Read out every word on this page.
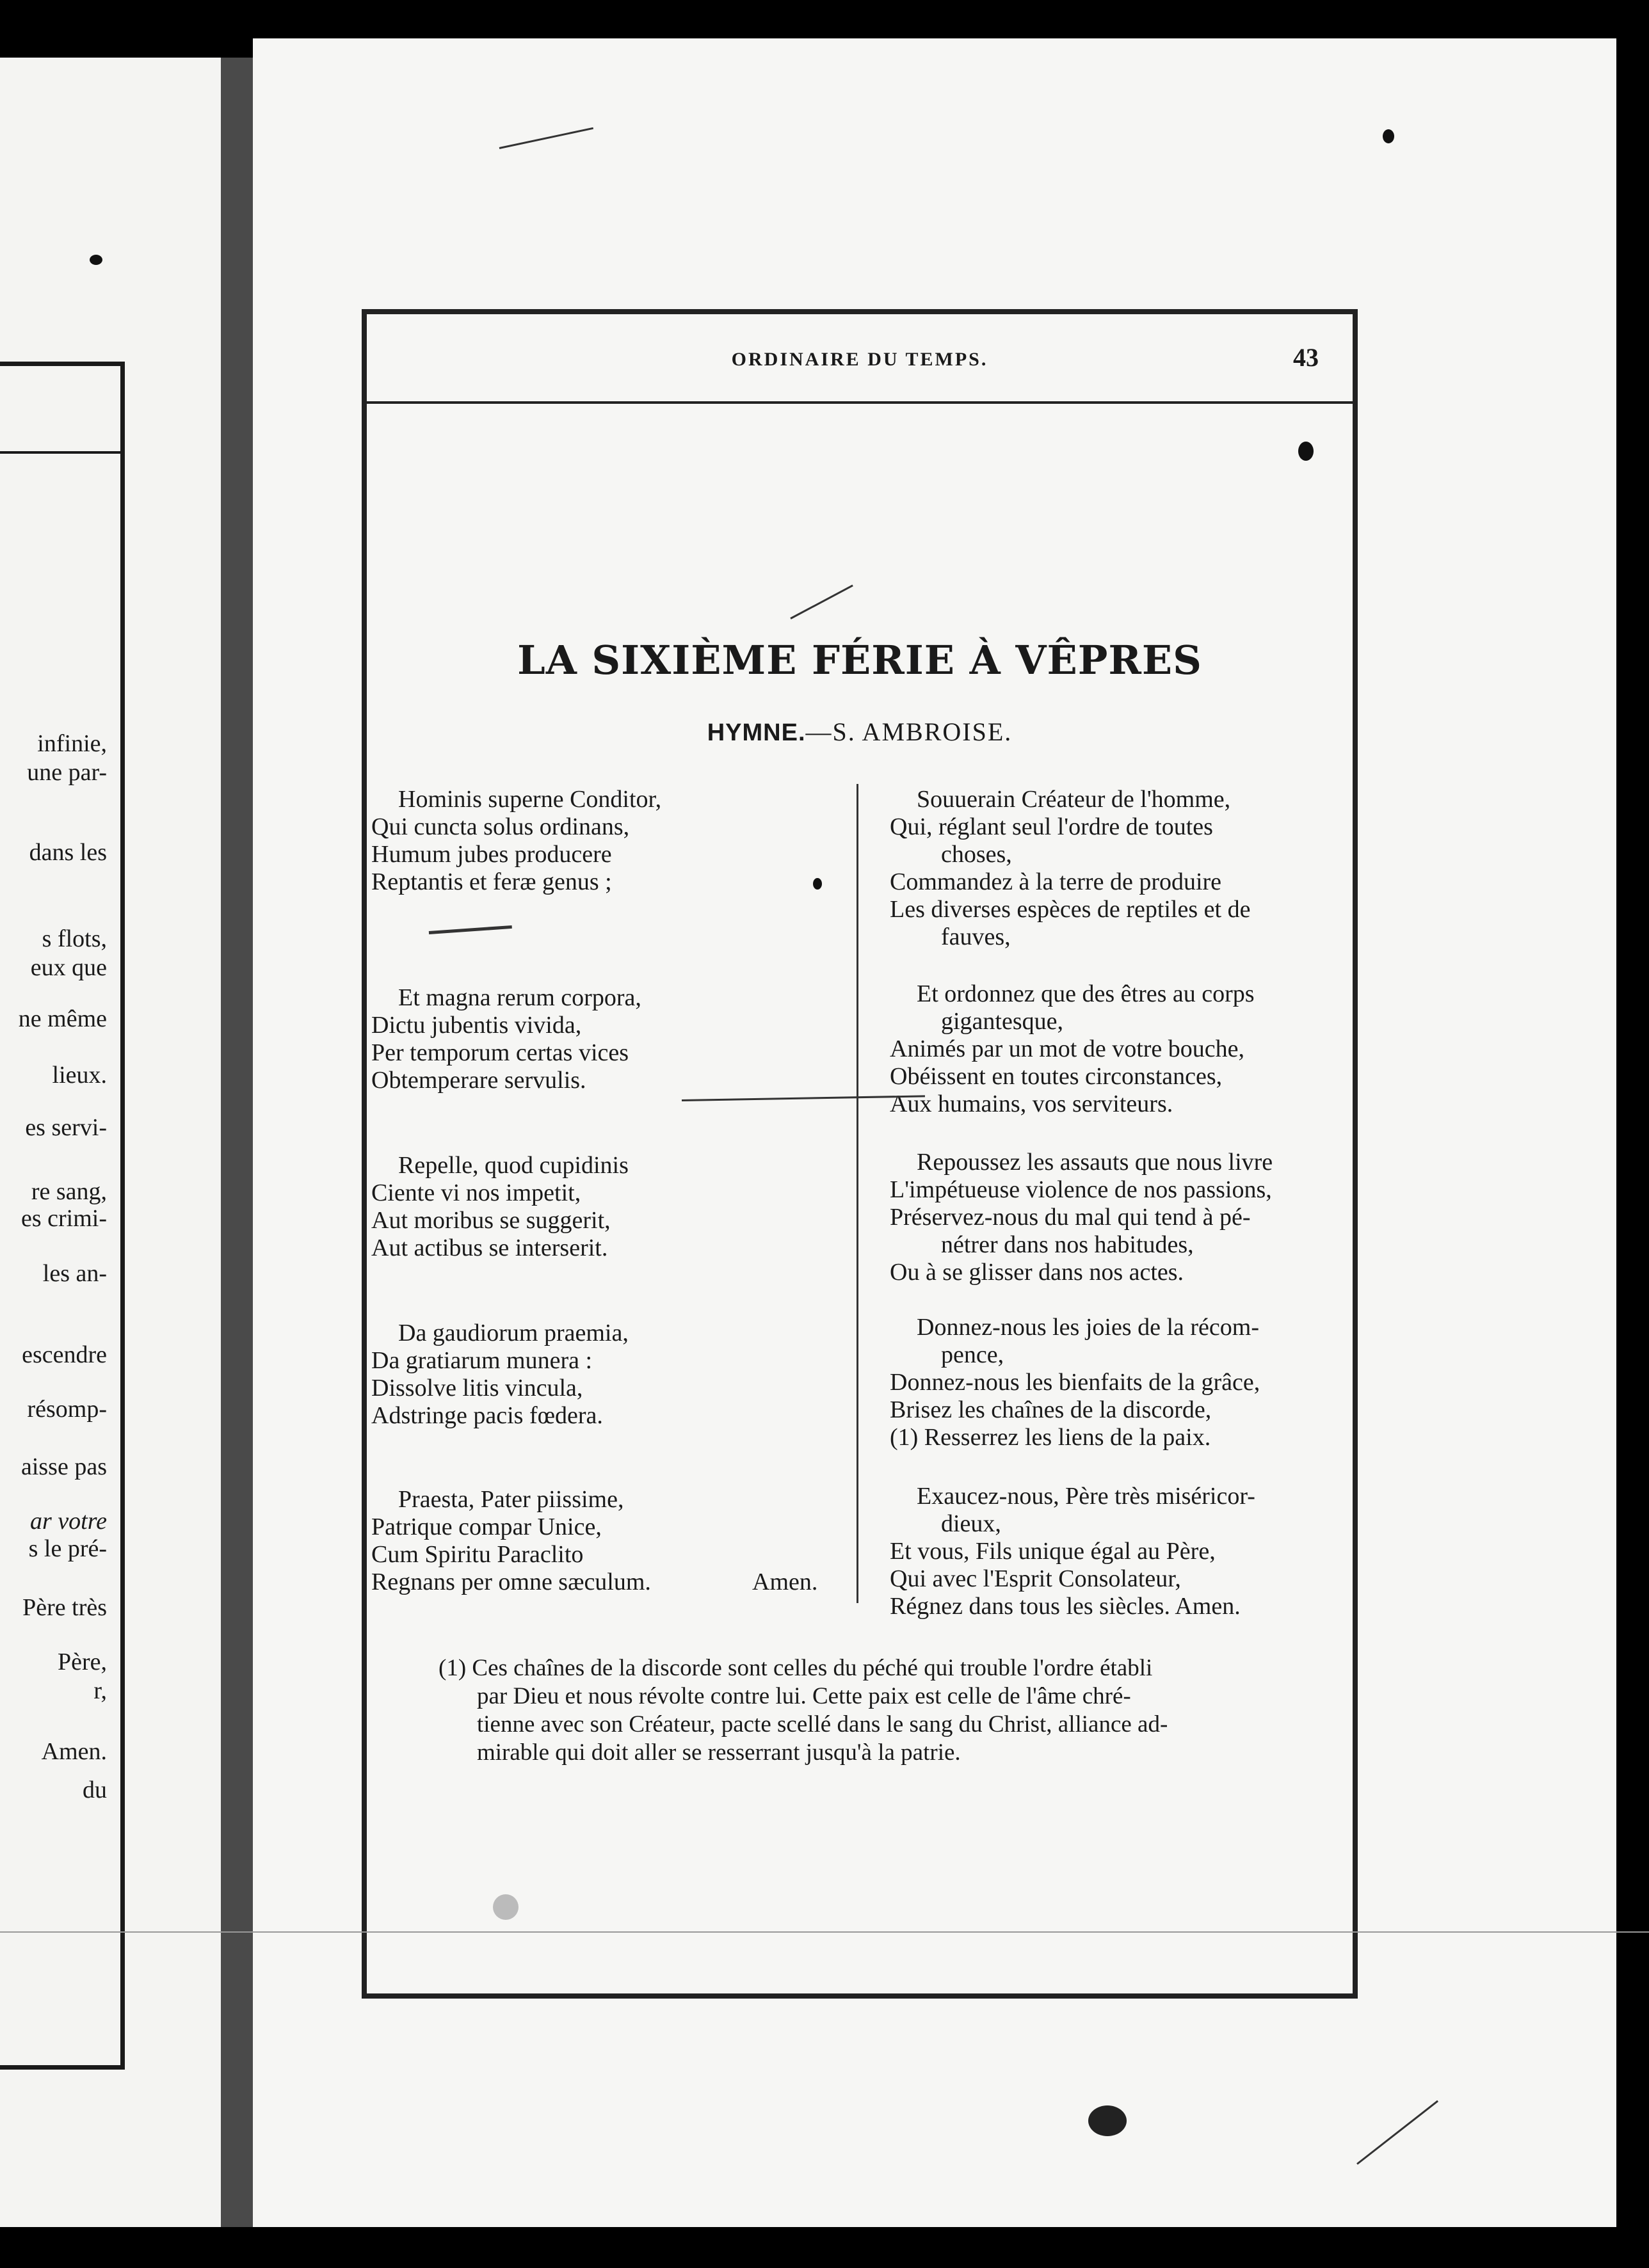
infinie,
une par-
dans les
s flots,
eux que
ne même
lieux.
es servi-
re sang,
es crimi-
les an-
escendre
résomp-
aisse pas
ar votre
s le pré-
Père très
Père,
r,
Amen.
du
ORDINAIRE DU TEMPS.	43
LA SIXIÈME FÉRIE À VÊPRES
HYMNE.—S. AMBROISE.
Hominis superne Conditor,
Qui cuncta solus ordinans,
Humum jubes producere
Reptantis et feræ genus ;
Et magna rerum corpora,
Dictu jubentis vivida,
Per temporum certas vices
Obtemperare servulis.
Repelle, quod cupidinis
Ciente vi nos impetit,
Aut moribus se suggerit,
Aut actibus se interserit.
Da gaudiorum praemia,
Da gratiarum munera :
Dissolve litis vincula,
Adstringe pacis fœdera.
Praesta, Pater piissime,
Patrique compar Unice,
Cum Spiritu Paraclito
Regnans per omne sæculum.	Amen.
Souuerain Créateur de l'homme,
Qui, réglant seul l'ordre de toutes
choses,
Commandez à la terre de produire
Les diverses espèces de reptiles et de
fauves,
Et ordonnez que des êtres au corps
gigantesque,
Animés par un mot de votre bouche,
Obéissent en toutes circonstances,
Aux humains, vos serviteurs.
Repoussez les assauts que nous livre
L'impétueuse violence de nos passions,
Préservez-nous du mal qui tend à pé-
nétrer dans nos habitudes,
Ou à se glisser dans nos actes.
Donnez-nous les joies de la récom-
pence,
Donnez-nous les bienfaits de la grâce,
Brisez les chaînes de la discorde,
(1) Resserrez les liens de la paix.
Exaucez-nous, Père très miséricor-
dieux,
Et vous, Fils unique égal au Père,
Qui avec l'Esprit Consolateur,
Régnez dans tous les siècles. Amen.
(1) Ces chaînes de la discorde sont celles du péché qui trouble l'ordre établi
par Dieu et nous révolte contre lui. Cette paix est celle de l'âme chré-
tienne avec son Créateur, pacte scellé dans le sang du Christ, alliance ad-
mirable qui doit aller se resserrant jusqu'à la patrie.
